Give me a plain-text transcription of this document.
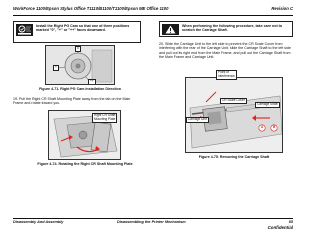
WorkForce 1100/Epson Stylus Office T1110/B1100/T1100/Epson ME Office 1100	Revision C
Install the Right PG Cam so that one of three positions marked "0", "+" or "++" faces downward.
When performing the following procedure, take care not to scratch the Carriage Shaft.
0
+
++
Figure 4-71. Right PG Cam Installation Direction
19. Pull the Right CR Shaft Mounting Plate away from the tab on the Main Frame and rotate toward you.
Right CR Shaft
Mounting Plate
Figure 4-74. Rotating the Right CR Shaft Mounting Plate
20. Slide the Carriage Unit to the left side to prevent the CR Scale Cover from interfering with the rear of the Carriage Unit, slide the Carriage Shaft to the left side and pull out its right end from the Main Frame, and pull out the Carriage Shaft from the Main Frame and Carriage Unit.
Carriage Unit
CR Scale Cover
Carriage Shaft
A	B
Point of
interference
Figure 4-75. Removing the Carriage Shaft
Disassembly And Assembly	Disassembling the Printer Mechanism	85
Confidential
